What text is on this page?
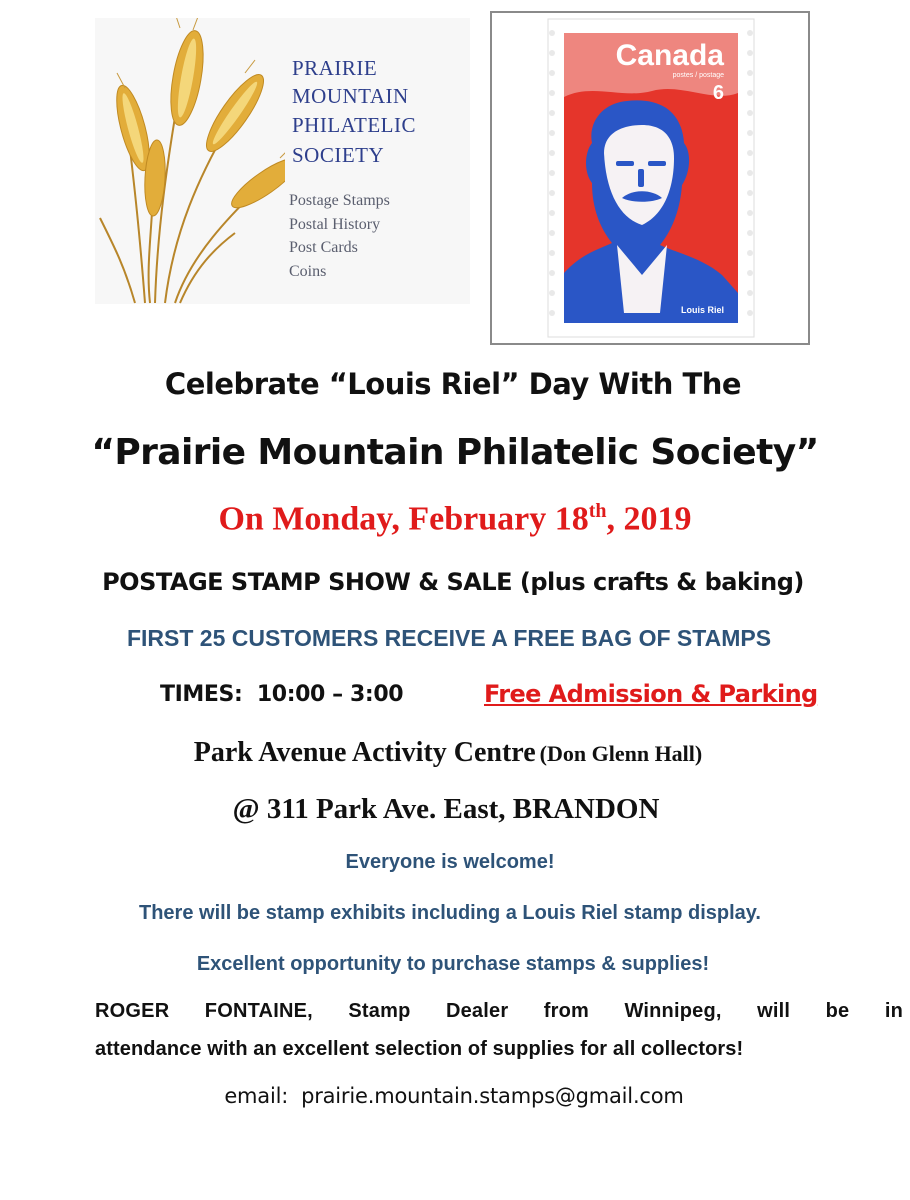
PRAIRIE
MOUNTAIN
PHILATELIC
SOCIETY
Postage Stamps
Postal History
Post Cards
Coins
Canada
postes / postage
6
Louis Riel
Celebrate “Louis Riel” Day With The
“Prairie Mountain Philatelic Society”
On Monday, February 18th, 2019
POSTAGE STAMP SHOW & SALE (plus crafts & baking)
FIRST 25 CUSTOMERS RECEIVE A FREE BAG OF STAMPS
TIMES:  10:00 – 3:00	Free Admission & Parking
Park Avenue Activity Centre (Don Glenn Hall)
@ 311 Park Ave. East, BRANDON
Everyone is welcome!
There will be stamp exhibits including a Louis Riel stamp display.
Excellent opportunity to purchase stamps & supplies!
ROGER FONTAINE, Stamp Dealer from Winnipeg, will be in
attendance with an excellent selection of supplies for all collectors!
email:  prairie.mountain.stamps@gmail.com
